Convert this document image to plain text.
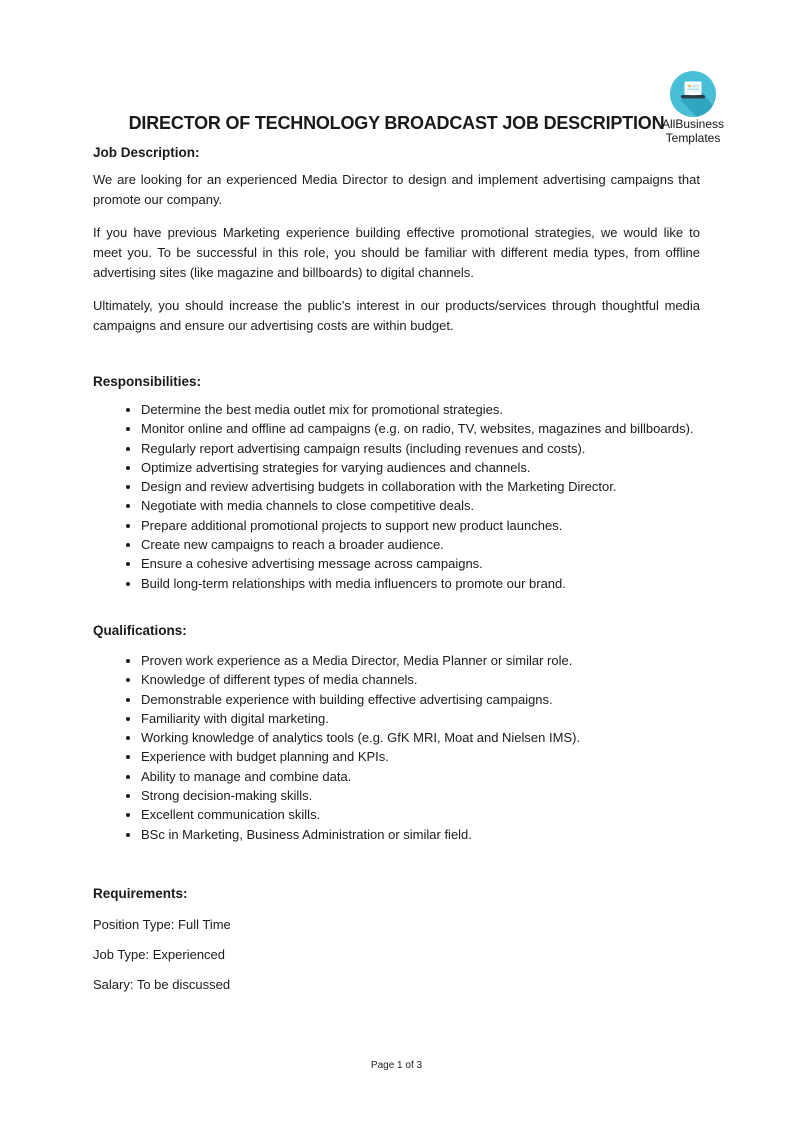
DIRECTOR OF TECHNOLOGY BROADCAST JOB DESCRIPTION
AllBusiness
Templates
Job Description:

We are looking for an experienced Media Director to design and implement advertising campaigns that promote our company.

If you have previous Marketing experience building effective promotional strategies, we would like to meet you. To be successful in this role, you should be familiar with different media types, from offline advertising sites (like magazine and billboards) to digital channels.

Ultimately, you should increase the public’s interest in our products/services through thoughtful media campaigns and ensure our advertising costs are within budget.

Responsibilities:
• Determine the best media outlet mix for promotional strategies.
• Monitor online and offline ad campaigns (e.g. on radio, TV, websites, magazines and billboards).
• Regularly report advertising campaign results (including revenues and costs).
• Optimize advertising strategies for varying audiences and channels.
• Design and review advertising budgets in collaboration with the Marketing Director.
• Negotiate with media channels to close competitive deals.
• Prepare additional promotional projects to support new product launches.
• Create new campaigns to reach a broader audience.
• Ensure a cohesive advertising message across campaigns.
• Build long-term relationships with media influencers to promote our brand.
Qualifications:
• Proven work experience as a Media Director, Media Planner or similar role.
• Knowledge of different types of media channels.
• Demonstrable experience with building effective advertising campaigns.
• Familiarity with digital marketing.
• Working knowledge of analytics tools (e.g. GfK MRI, Moat and Nielsen IMS).
• Experience with budget planning and KPIs.
• Ability to manage and combine data.
• Strong decision-making skills.
• Excellent communication skills.
• BSc in Marketing, Business Administration or similar field.
Requirements:

Position Type: Full Time

Job Type: Experienced

Salary: To be discussed

Page 1 of 3
